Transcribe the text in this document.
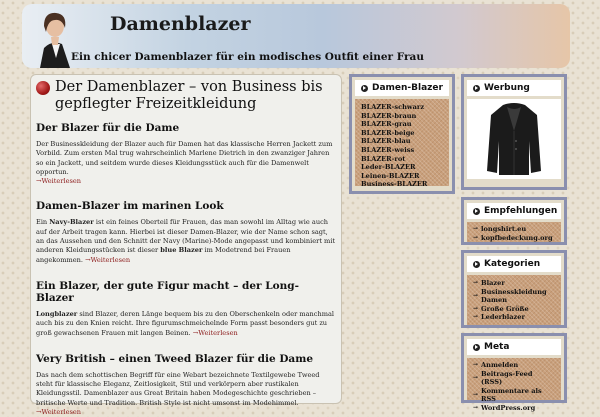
Damenblazer
Ein chicer Damenblazer für ein modisches Outfit einer Frau
Der Damenblazer – von Business bis gepflegter Freizeitkleidung
Der Blazer für die Dame

Der Businesskleidung der Blazer auch für Damen hat das klassische Herren Jackett zum Vorbild. Zum ersten Mal trug wahrscheinlich Marlene Dietrich in den zwanziger Jahren so ein Jackett, und seitdem wurde dieses Kleidungsstück auch für die Damenwelt opportun.
→Weiterlesen

Damen-Blazer im marinen Look

Ein Navy-Blazer ist ein feines Oberteil für Frauen, das man sowohl im Alltag wie auch auf der Arbeit tragen kann. Hierbei ist dieser Damen-Blazer, wie der Name schon sagt, an das Aussehen und den Schnitt der Navy (Marine)-Mode angepasst und kombiniert mit anderen Kleidungsstücken ist dieser blue Blazer im Modetrend bei Frauen angekommen. →Weiterlesen

Ein Blazer, der gute Figur macht – der Long-Blazer

Longblazer sind Blazer, deren Länge bequem bis zu den Oberschenkeln oder manchmal auch bis zu den Knien reicht. Ihre figurumschmeichelnde Form passt besonders gut zu groß gewachsenen Frauen mit langen Beinen. →Weiterlesen

Very British – einen Tweed Blazer für die Dame

Das nach dem schottischen Begriff für eine Webart bezeichnete Textilgewebe Tweed steht für klassische Eleganz, Zeitlosigkeit, Stil und verkörpern aber rustikalen Kleidungsstil. Damenblazer aus Great Britain haben Modegeschichte geschrieben – britische Werte und Tradition. British Style ist nicht umsonst im Modehimmel. →Weiterlesen

Damen-Blazer
BLAZER-schwarz
BLAZER-braun
BLAZER-grau
BLAZER-beige
BLAZER-blau
BLAZER-weiss
BLAZER-rot
Leder-BLAZER
Leinen-BLAZER
Business-BLAZER
Werbung
Empfehlungen
→ longshirt.eu
→ kopfbedeckung.org
Kategorien
→ Blazer
→ Businesskleidung Damen
→ Große Größe
→ Lederblazer
Meta
→ Anmelden
→ Beitrags-Feed (RSS)
→ Kommentare als RSS
→ WordPress.org
